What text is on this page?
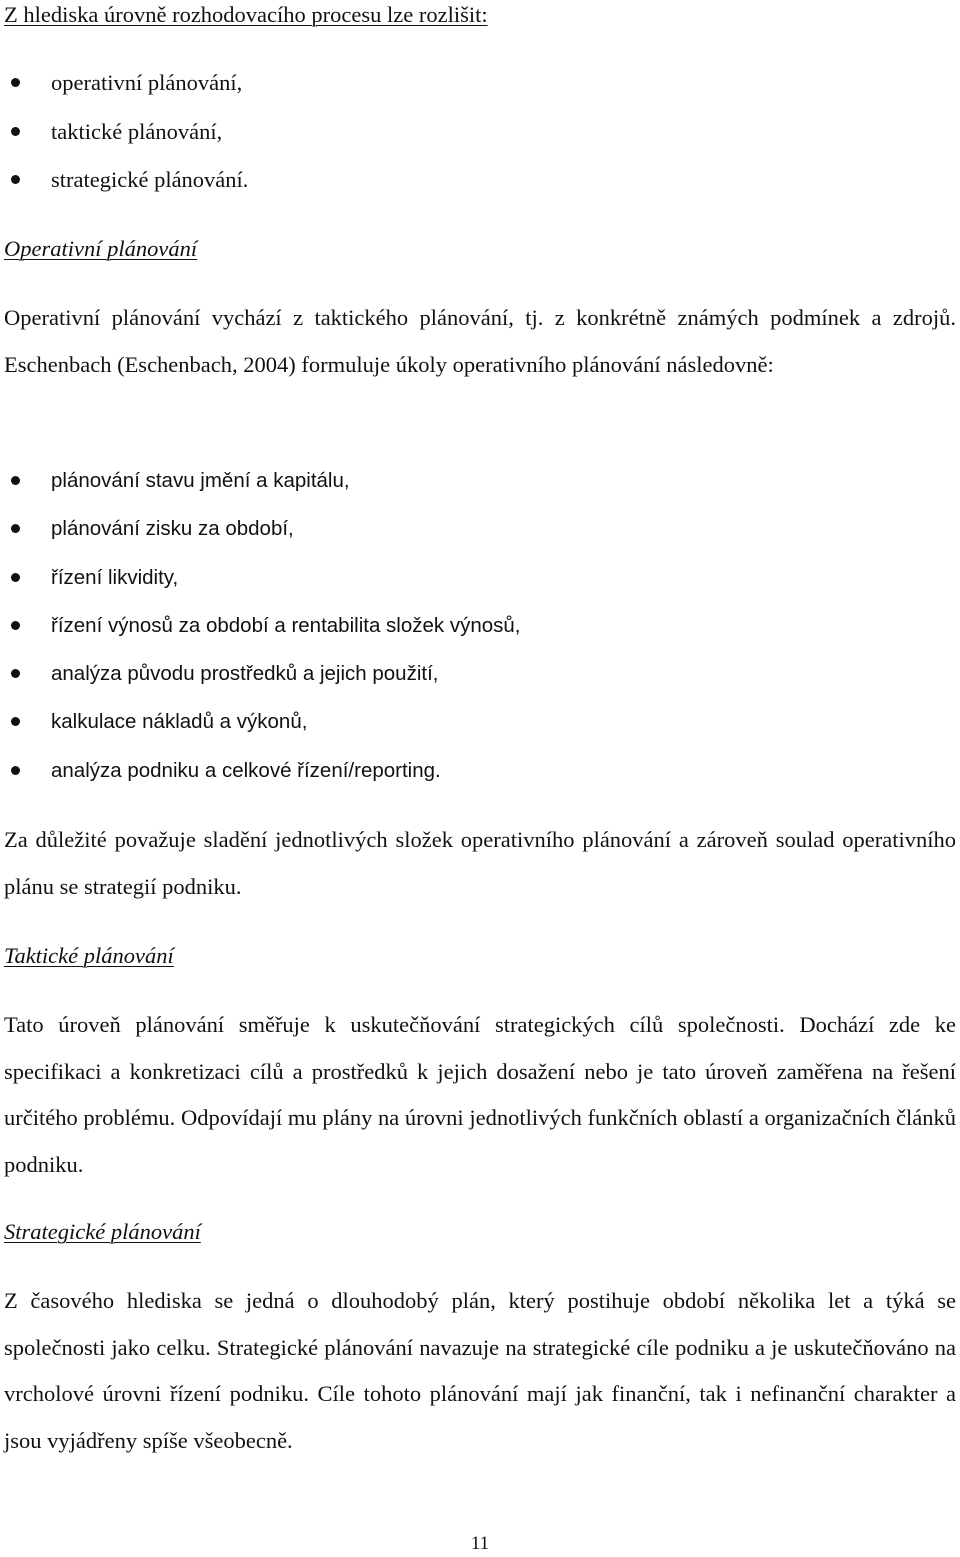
Z hlediska úrovně rozhodovacího procesu lze rozlišit:
operativní plánování,
taktické plánování,
strategické plánování.
Operativní plánování

Operativní plánování vychází z taktického plánování, tj. z konkrétně známých podmínek a zdrojů. Eschenbach (Eschenbach, 2004) formuluje úkoly operativního plánování následovně:

plánování stavu jmění a kapitálu,
plánování zisku za období,
řízení likvidity,
řízení výnosů za období a rentabilita složek výnosů,
analýza původu prostředků a jejich použití,
kalkulace nákladů a výkonů,
analýza podniku a celkové řízení/reporting.

Za důležité považuje sladění jednotlivých složek operativního plánování a zároveň soulad operativního plánu se strategií podniku.

Taktické plánování

Tato úroveň plánování směřuje k uskutečňování strategických cílů společnosti. Dochází zde ke specifikaci a konkretizaci cílů a prostředků k jejich dosažení nebo je tato úroveň zaměřena na řešení určitého problému. Odpovídají mu plány na úrovni jednotlivých funkčních oblastí a organizačních článků podniku.

Strategické plánování

Z časového hlediska se jedná o dlouhodobý plán, který postihuje období několika let a týká se společnosti jako celku. Strategické plánování navazuje na strategické cíle podniku a je uskutečňováno na vrcholové úrovni řízení podniku. Cíle tohoto plánování mají jak finanční, tak i nefinanční charakter a jsou vyjádřeny spíše všeobecně.

11
